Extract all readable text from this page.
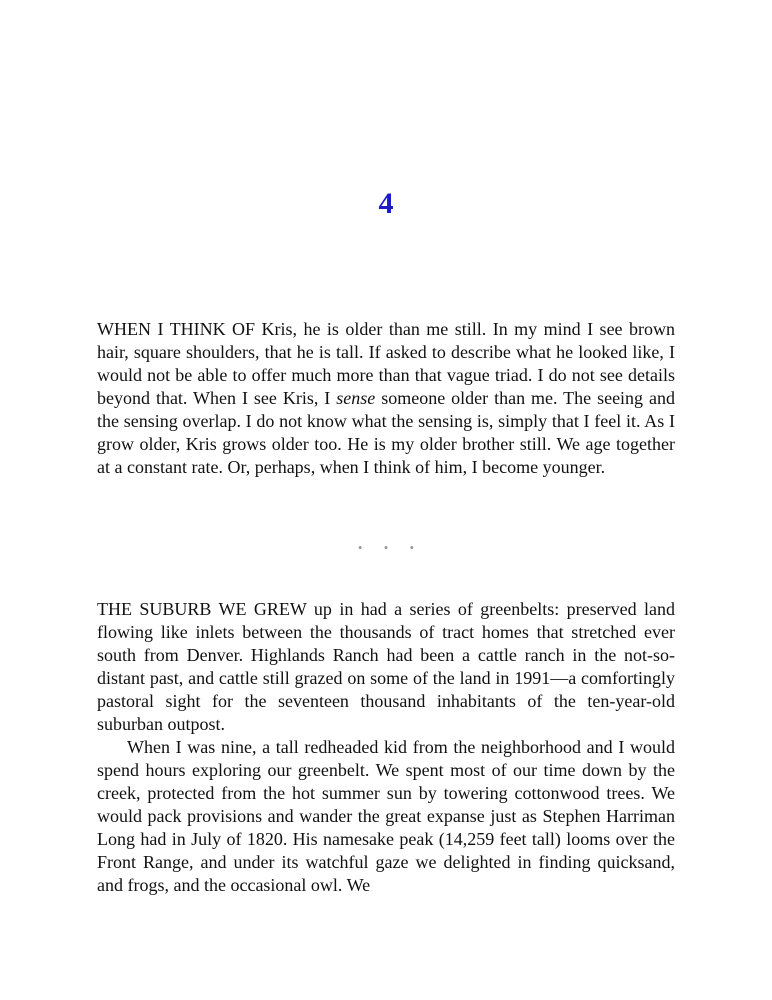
4

WHEN I THINK OF Kris, he is older than me still. In my mind I see brown hair, square shoulders, that he is tall. If asked to describe what he looked like, I would not be able to offer much more than that vague triad. I do not see details beyond that. When I see Kris, I sense someone older than me. The seeing and the sensing overlap. I do not know what the sensing is, simply that I feel it. As I grow older, Kris grows older too. He is my older brother still. We age together at a constant rate. Or, perhaps, when I think of him, I become younger.

• • •

THE SUBURB WE GREW up in had a series of greenbelts: preserved land flowing like inlets between the thousands of tract homes that stretched ever south from Denver. Highlands Ranch had been a cattle ranch in the not-so-distant past, and cattle still grazed on some of the land in 1991—a comfortingly pastoral sight for the seventeen thousand inhabitants of the ten-year-old suburban outpost.

When I was nine, a tall redheaded kid from the neighborhood and I would spend hours exploring our greenbelt. We spent most of our time down by the creek, protected from the hot summer sun by towering cottonwood trees. We would pack provisions and wander the great expanse just as Stephen Harriman Long had in July of 1820. His namesake peak (14,259 feet tall) looms over the Front Range, and under its watchful gaze we delighted in finding quicksand, and frogs, and the occasional owl. We
